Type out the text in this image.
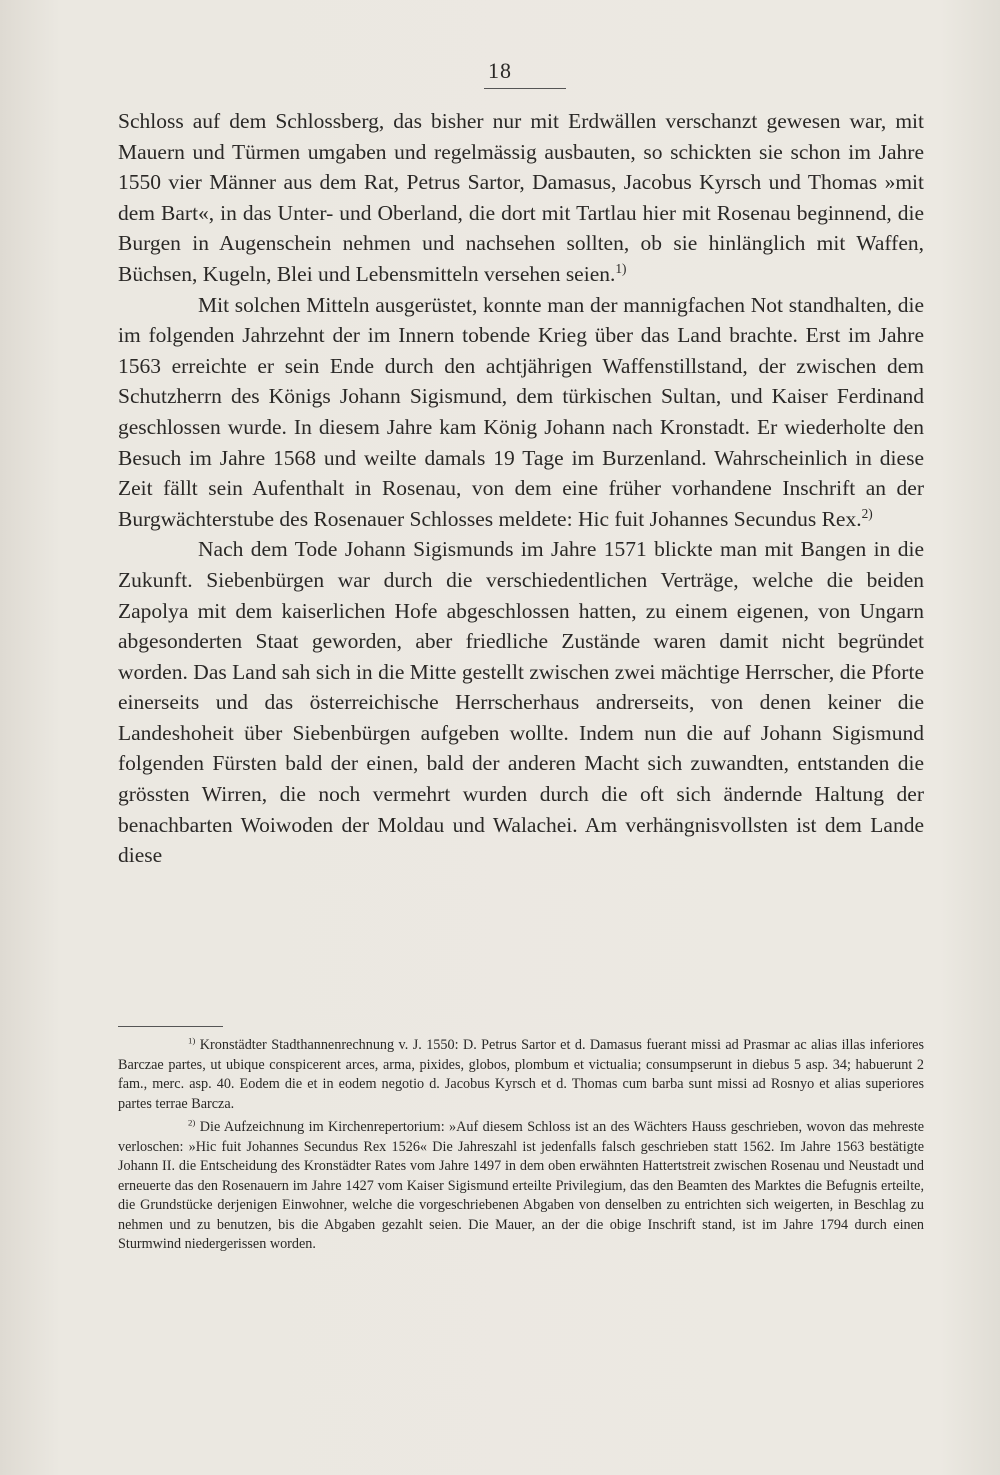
18

Schloss auf dem Schlossberg, das bisher nur mit Erdwällen verschanzt gewesen war, mit Mauern und Türmen umgaben und regelmässig ausbauten, so schickten sie schon im Jahre 1550 vier Männer aus dem Rat, Petrus Sartor, Damasus, Jacobus Kyrsch und Thomas »mit dem Bart«, in das Unter- und Oberland, die dort mit Tartlau hier mit Rosenau beginnend, die Burgen in Augenschein nehmen und nachsehen sollten, ob sie hinlänglich mit Waffen, Büchsen, Kugeln, Blei und Lebensmitteln versehen seien.$^{1)}$

Mit solchen Mitteln ausgerüstet, konnte man der mannigfachen Not standhalten, die im folgenden Jahrzehnt der im Innern tobende Krieg über das Land brachte. Erst im Jahre 1563 erreichte er sein Ende durch den achtjährigen Waffenstillstand, der zwischen dem Schutzherrn des Königs Johann Sigismund, dem türkischen Sultan, und Kaiser Ferdinand geschlossen wurde. In diesem Jahre kam König Johann nach Kronstadt. Er wiederholte den Besuch im Jahre 1568 und weilte damals 19 Tage im Burzenland. Wahrscheinlich in diese Zeit fällt sein Aufenthalt in Rosenau, von dem eine früher vorhandene Inschrift an der Burgwächterstube des Rosenauer Schlosses meldete: Hic fuit Johannes Secundus Rex.$^{2)}$

Nach dem Tode Johann Sigismunds im Jahre 1571 blickte man mit Bangen in die Zukunft. Siebenbürgen war durch die verschiedentlichen Verträge, welche die beiden Zapolya mit dem kaiserlichen Hofe abgeschlossen hatten, zu einem eigenen, von Ungarn abgesonderten Staat geworden, aber friedliche Zustände waren damit nicht begründet worden. Das Land sah sich in die Mitte gestellt zwischen zwei mächtige Herrscher, die Pforte einerseits und das österreichische Herrscherhaus andrerseits, von denen keiner die Landeshoheit über Siebenbürgen aufgeben wollte. Indem nun die auf Johann Sigismund folgenden Fürsten bald der einen, bald der anderen Macht sich zuwandten, entstanden die grössten Wirren, die noch vermehrt wurden durch die oft sich ändernde Haltung der benachbarten Woiwoden der Moldau und Walachei. Am verhängnisvollsten ist dem Lande diese

$^{1)}$ Kronstädter Stadthannenrechnung v. J. 1550: D. Petrus Sartor et d. Damasus fuerant missi ad Prasmar ac alias illas inferiores Barczae partes, ut ubique conspicerent arces, arma, pixides, globos, plombum et victualia; consumpserunt in diebus 5 asp. 34; habuerunt 2 fam., merc. asp. 40. Eodem die et in eodem negotio d. Jacobus Kyrsch et d. Thomas cum barba sunt missi ad Rosnyo et alias superiores partes terrae Barcza.

$^{2)}$ Die Aufzeichnung im Kirchenrepertorium: »Auf diesem Schloss ist an des Wächters Hauss geschrieben, wovon das mehreste verloschen: »Hic fuit Johannes Secundus Rex 1526« Die Jahreszahl ist jedenfalls falsch geschrieben statt 1562. Im Jahre 1563 bestätigte Johann II. die Entscheidung des Kronstädter Rates vom Jahre 1497 in dem oben erwähnten Hattertstreit zwischen Rosenau und Neustadt und erneuerte das den Rosenauern im Jahre 1427 vom Kaiser Sigismund erteilte Privilegium, das den Beamten des Marktes die Befugnis erteilte, die Grundstücke derjenigen Einwohner, welche die vorgeschriebenen Abgaben von denselben zu entrichten sich weigerten, in Beschlag zu nehmen und zu benutzen, bis die Abgaben gezahlt seien. Die Mauer, an der die obige Inschrift stand, ist im Jahre 1794 durch einen Sturmwind niedergerissen worden.
